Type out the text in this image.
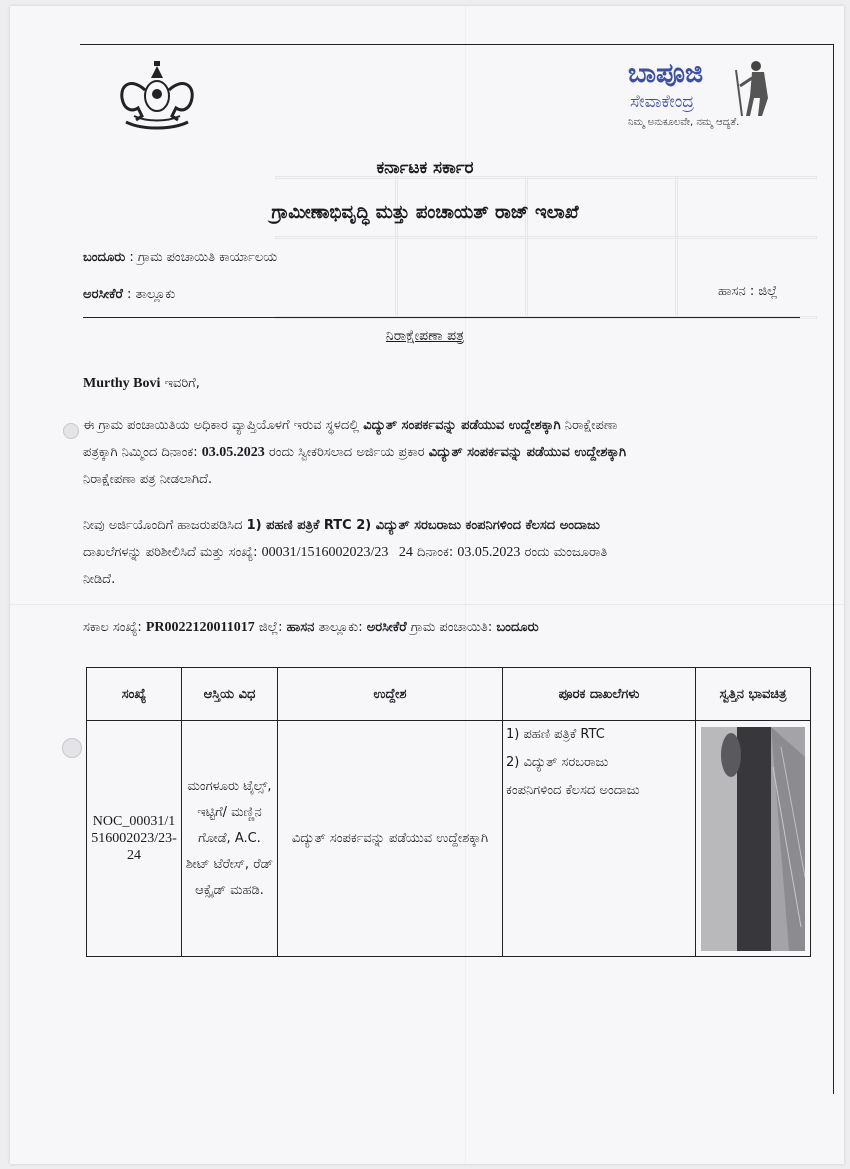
ಬಾಪೂಜಿ
ಸೇವಾಕೇಂದ್ರ
ನಿಮ್ಮ ಅನುಕೂಲವೇ, ನಮ್ಮ ಆದ್ಯತೆ.
ಕರ್ನಾಟಕ ಸರ್ಕಾರ
ಗ್ರಾಮೀಣಾಭಿವೃದ್ಧಿ ಮತ್ತು ಪಂಚಾಯತ್ ರಾಜ್ ಇಲಾಖೆ
ಬಂದೂರು : ಗ್ರಾಮ ಪಂಚಾಯಿತಿ ಕಾರ್ಯಾಲಯ
ಅರಸೀಕೆರೆ : ತಾಲ್ಲೂಕು	ಹಾಸನ : ಜಿಲ್ಲೆ
ನಿರಾಕ್ಷೇಪಣಾ ಪತ್ರ
Murthy Bovi ಇವರಿಗೆ,
ಈ ಗ್ರಾಮ ಪಂಚಾಯಿತಿಯ ಅಧಿಕಾರ ವ್ಯಾಪ್ತಿಯೊಳಗೆ ಇರುವ ಸ್ಥಳದಲ್ಲಿ ವಿದ್ಯುತ್ ಸಂಪರ್ಕವನ್ನು ಪಡೆಯುವ ಉದ್ದೇಶಕ್ಕಾಗಿ ನಿರಾಕ್ಷೇಪಣಾ
ಪತ್ರಕ್ಕಾಗಿ ನಿಮ್ಮಿಂದ ದಿನಾಂಕ: 03.05.2023 ರಂದು ಸ್ವೀಕರಿಸಲಾದ ಅರ್ಜಿಯ ಪ್ರಕಾರ ವಿದ್ಯುತ್ ಸಂಪರ್ಕವನ್ನು ಪಡೆಯುವ ಉದ್ದೇಶಕ್ಕಾಗಿ
ನಿರಾಕ್ಷೇಪಣಾ ಪತ್ರ ನೀಡಲಾಗಿದೆ.
ನೀವು ಅರ್ಜಿಯೊಂದಿಗೆ ಹಾಜರುಪಡಿಸಿದ 1) ಪಹಣಿ ಪತ್ರಿಕೆ RTC 2) ವಿದ್ಯುತ್ ಸರಬರಾಜು ಕಂಪನಿಗಳಿಂದ ಕೆಲಸದ ಅಂದಾಜು
ದಾಖಲೆಗಳನ್ನು ಪರಿಶೀಲಿಸಿದೆ ಮತ್ತು ಸಂಖ್ಯೆ: 00031/1516002023/23   24 ದಿನಾಂಕ: 03.05.2023 ರಂದು ಮಂಜೂರಾತಿ
ನೀಡಿದೆ.
ಸಕಾಲ ಸಂಖ್ಯೆ: PR0022120011017 ಜಿಲ್ಲೆ: ಹಾಸನ ತಾಲ್ಲೂಕು: ಅರಸೀಕೆರೆ ಗ್ರಾಮ ಪಂಚಾಯಿತಿ: ಬಂದೂರು
ಸಂಖ್ಯೆ	ಆಸ್ತಿಯ ವಿಧ	ಉದ್ದೇಶ	ಪೂರಕ ದಾಖಲೆಗಳು	ಸ್ವತ್ತಿನ ಭಾವಚಿತ್ರ
NOC_00031/1516002023/23-24	ಮಂಗಳೂರು ಟೈಲ್ಸ್, ಇಟ್ಟಿಗೆ/ ಮಣ್ಣಿನ ಗೋಡೆ, A.C. ಶೀಟ್ ಟೆರೇಸ್, ರೆಡ್ ಆಕ್ಸೈಡ್ ಮಹಡಿ.	ವಿದ್ಯುತ್ ಸಂಪರ್ಕವನ್ನು ಪಡೆಯುವ ಉದ್ದೇಶಕ್ಕಾಗಿ	1) ಪಹಣಿ ಪತ್ರಿಕೆ RTC
2) ವಿದ್ಯುತ್ ಸರಬರಾಜು
ಕಂಪನಿಗಳಿಂದ ಕೆಲಸದ ಅಂದಾಜು
